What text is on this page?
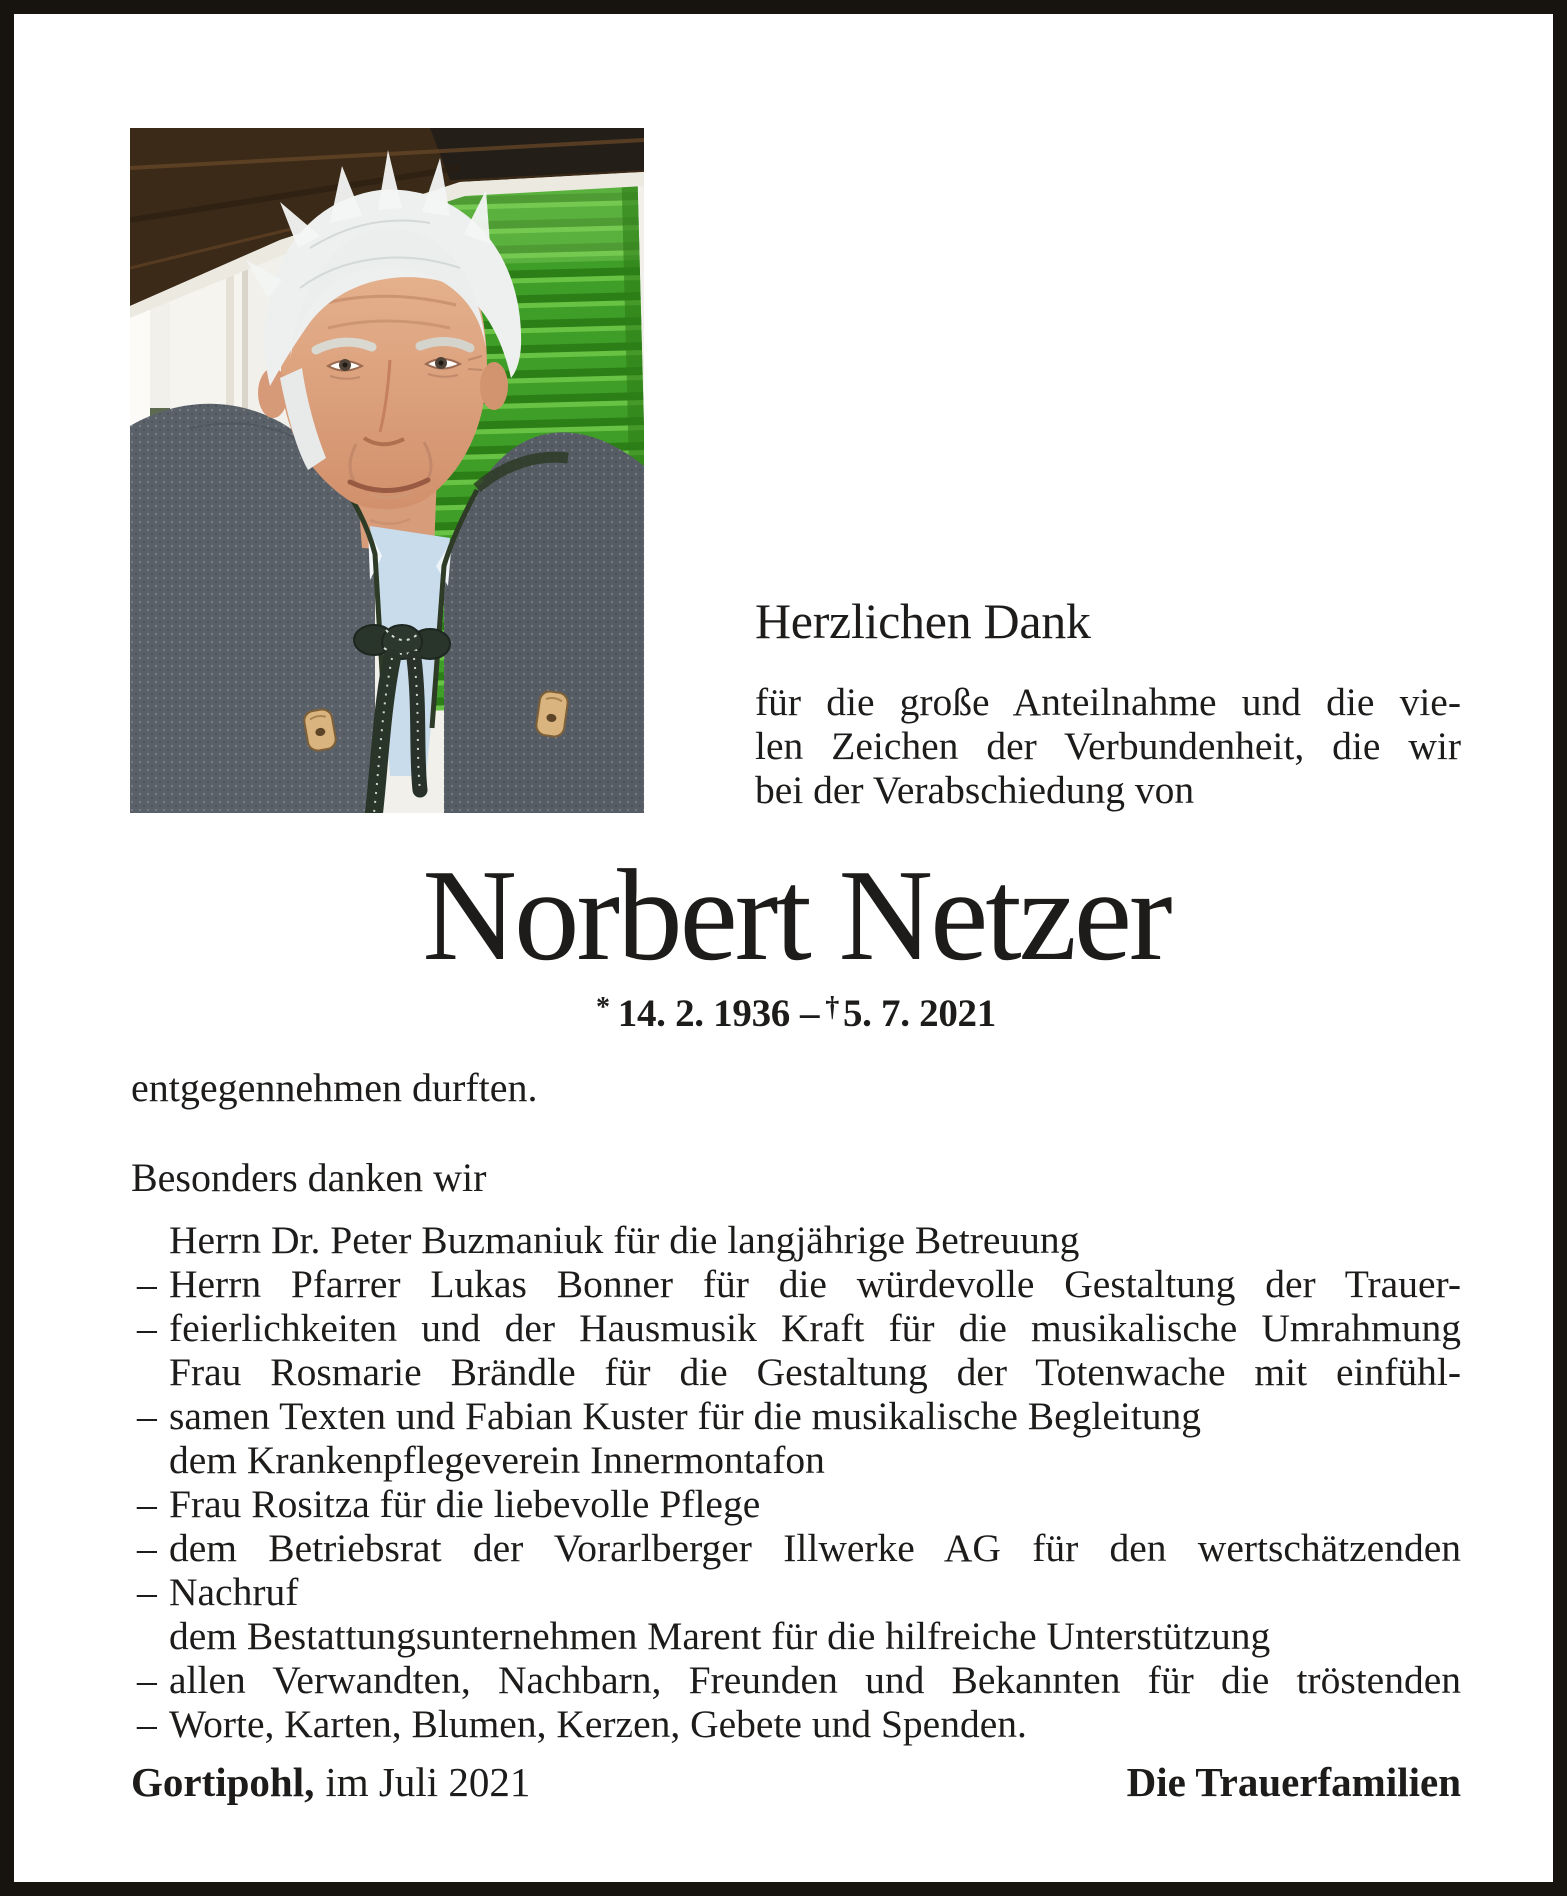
Herzlichen Dank
für die große Anteilnahme und die vie-
len Zeichen der Verbundenheit, die wir
bei der Verabschiedung von
Norbert Netzer
* 14. 2. 1936 – † 5. 7. 2021
entgegennehmen durften.
Besonders danken wir
Herrn Dr. Peter Buzmaniuk für die langjährige Betreuung
– Herrn Pfarrer Lukas Bonner für die würdevolle Gestaltung der Trauer-
– feierlichkeiten und der Hausmusik Kraft für die musikalische Umrahmung
Frau Rosmarie Brändle für die Gestaltung der Totenwache mit einfühl-
– samen Texten und Fabian Kuster für die musikalische Begleitung
dem Krankenpflegeverein Innermontafon
– Frau Rositza für die liebevolle Pflege
– dem Betriebsrat der Vorarlberger Illwerke AG für den wertschätzenden
– Nachruf
dem Bestattungsunternehmen Marent für die hilfreiche Unterstützung
– allen Verwandten, Nachbarn, Freunden und Bekannten für die tröstenden
– Worte, Karten, Blumen, Kerzen, Gebete und Spenden.
Gortipohl, im Juli 2021	Die Trauerfamilien
